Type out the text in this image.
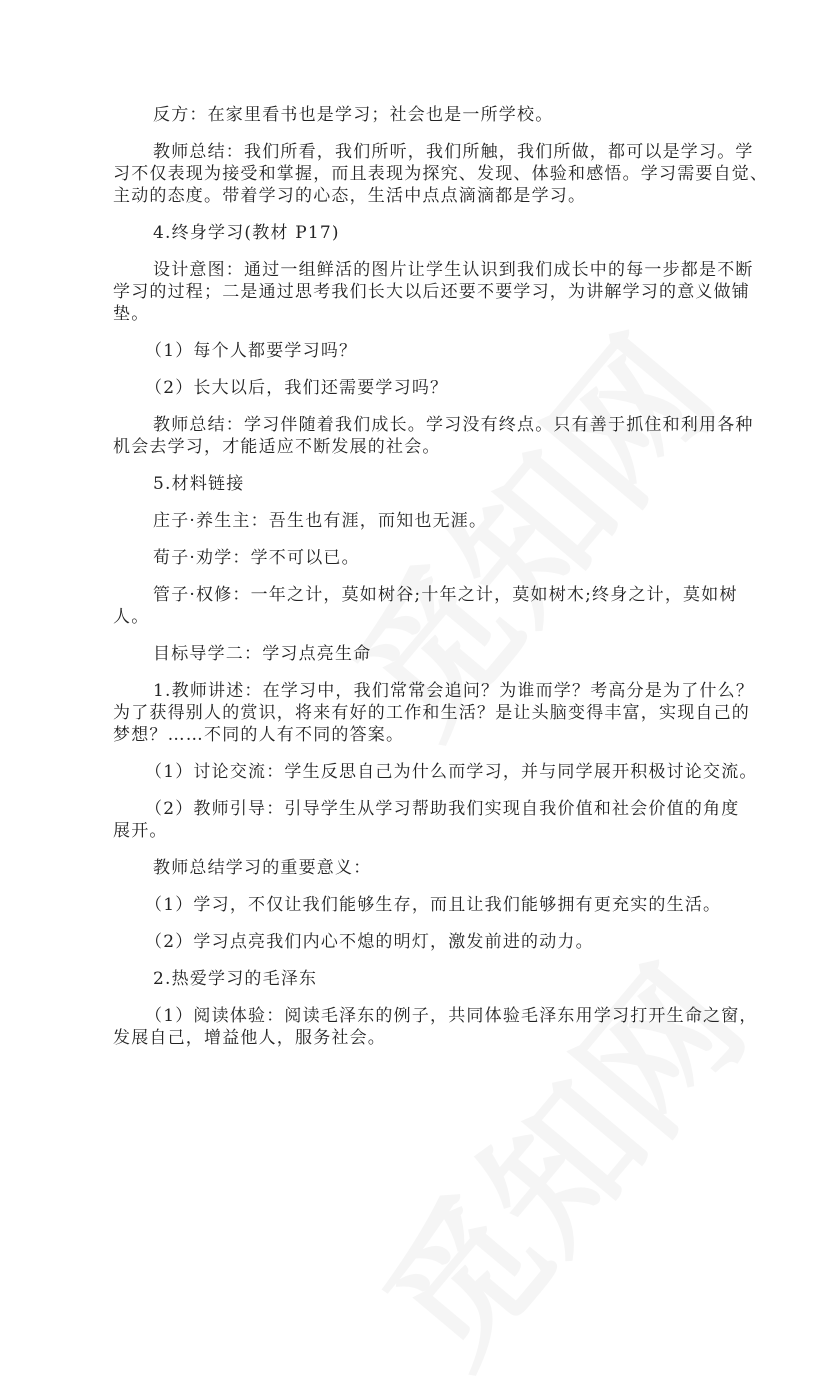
反方：在家里看书也是学习；社会也是一所学校。

教师总结：我们所看，我们所听，我们所触，我们所做，都可以是学习。学
习不仅表现为接受和掌握，而且表现为探究、发现、体验和感悟。学习需要自觉、
主动的态度。带着学习的心态，生活中点点滴滴都是学习。

4.终身学习(教材 P17)

设计意图：通过一组鲜活的图片让学生认识到我们成长中的每一步都是不断
学习的过程；二是通过思考我们长大以后还要不要学习，为讲解学习的意义做铺
垫。

（1）每个人都要学习吗？

（2）长大以后，我们还需要学习吗？

教师总结：学习伴随着我们成长。学习没有终点。只有善于抓住和利用各种
机会去学习，才能适应不断发展的社会。

5.材料链接

庄子·养生主：吾生也有涯，而知也无涯。

荀子·劝学：学不可以已。

管子·权修：一年之计，莫如树谷;十年之计，莫如树木;终身之计，莫如树
人。

目标导学二：学习点亮生命

1.教师讲述：在学习中，我们常常会追问？为谁而学？考高分是为了什么？
为了获得别人的赏识，将来有好的工作和生活？是让头脑变得丰富，实现自己的
梦想？……不同的人有不同的答案。

（1）讨论交流：学生反思自己为什么而学习，并与同学展开积极讨论交流。

（2）教师引导：引导学生从学习帮助我们实现自我价值和社会价值的角度
展开。

教师总结学习的重要意义：

（1）学习，不仅让我们能够生存，而且让我们能够拥有更充实的生活。

（2）学习点亮我们内心不熄的明灯，激发前进的动力。

2.热爱学习的毛泽东

（1）阅读体验：阅读毛泽东的例子，共同体验毛泽东用学习打开生命之窗，
发展自己，增益他人，服务社会。
